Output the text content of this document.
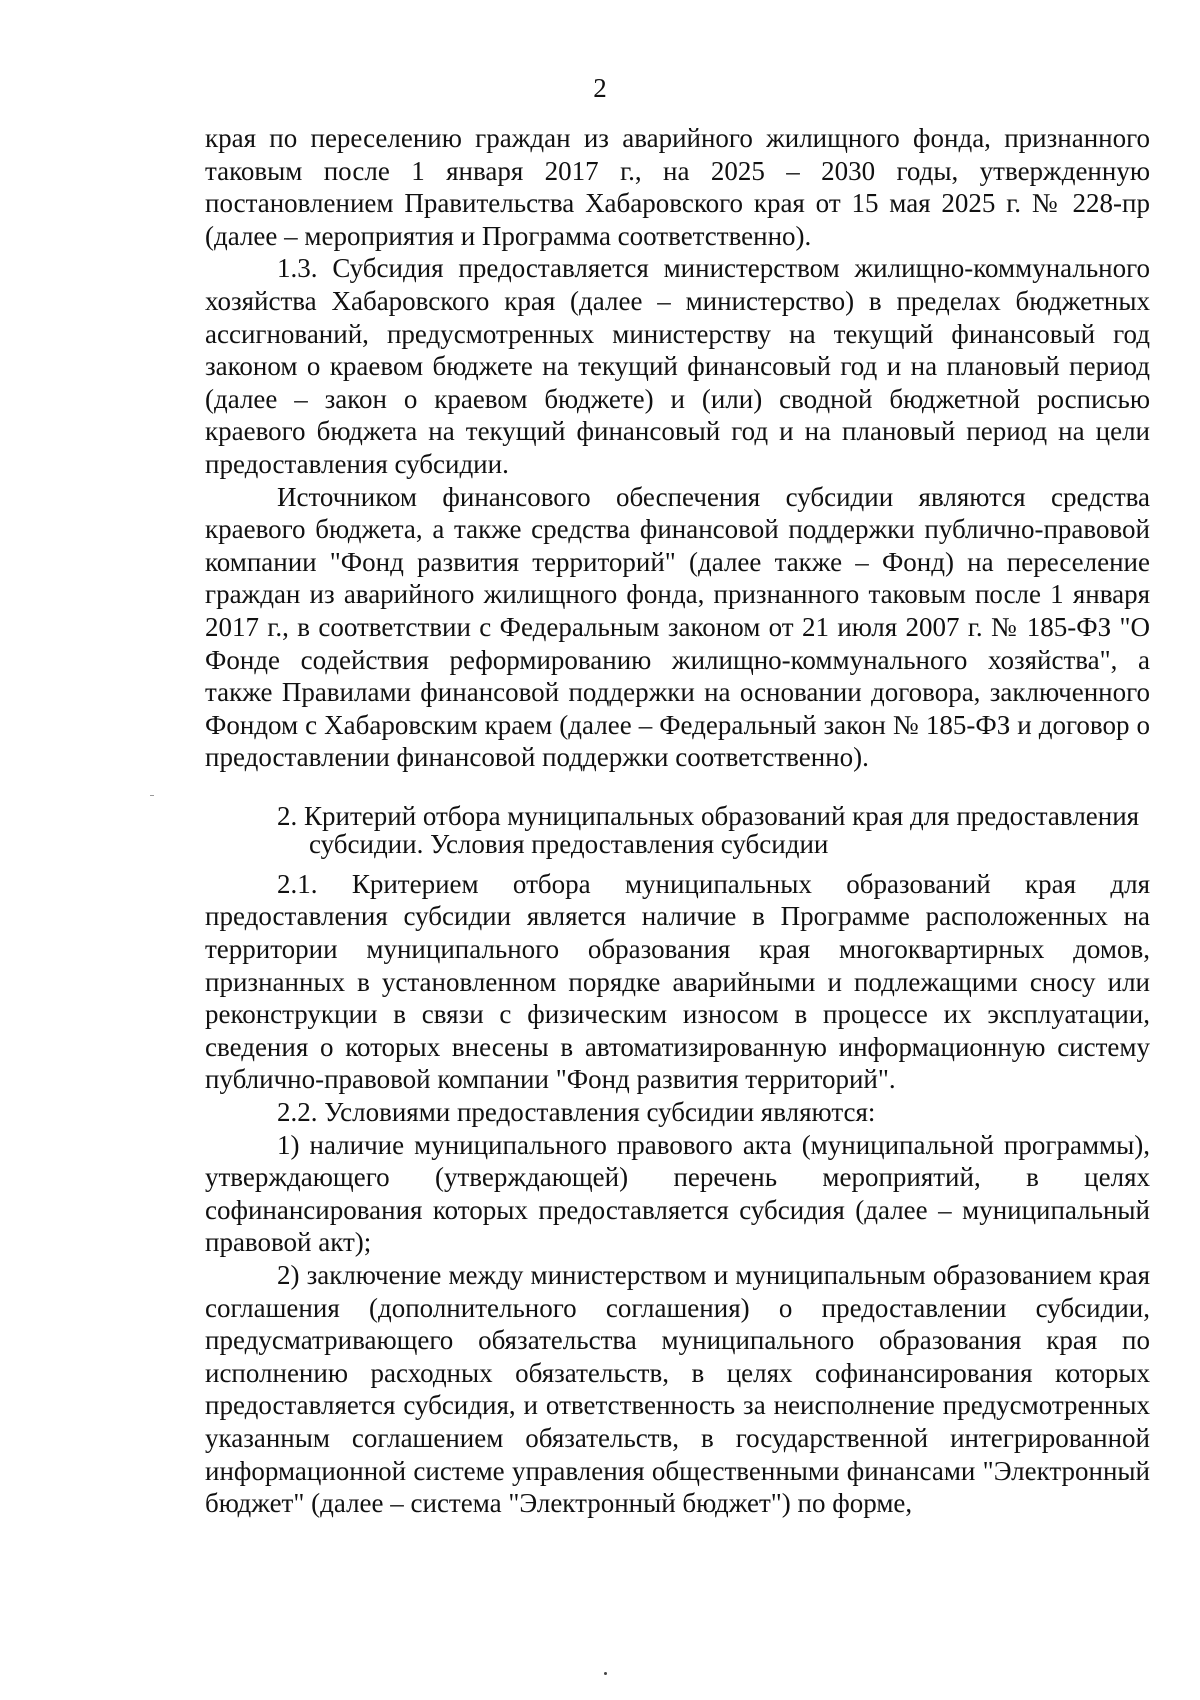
2

края по переселению граждан из аварийного жилищного фонда, признанного таковым после 1 января 2017 г., на 2025 – 2030 годы, утвержденную постановлением Правительства Хабаровского края от 15 мая 2025 г. № 228-пр (далее – мероприятия и Программа соответственно).

1.3. Субсидия предоставляется министерством жилищно-коммунального хозяйства Хабаровского края (далее – министерство) в пределах бюджетных ассигнований, предусмотренных министерству на текущий финансовый год законом о краевом бюджете на текущий финансовый год и на плановый период (далее – закон о краевом бюджете) и (или) сводной бюджетной росписью краевого бюджета на текущий финансовый год и на плановый период на цели предоставления субсидии.

Источником финансового обеспечения субсидии являются средства краевого бюджета, а также средства финансовой поддержки публично-правовой компании "Фонд развития территорий" (далее также – Фонд) на переселение граждан из аварийного жилищного фонда, признанного таковым после 1 января 2017 г., в соответствии с Федеральным законом от 21 июля 2007 г. № 185-ФЗ "О Фонде содействия реформированию жилищно-коммунального хозяйства", а также Правилами финансовой поддержки на основании договора, заключенного Фондом с Хабаровским краем (далее – Федеральный закон № 185-ФЗ и договор о предоставлении финансовой поддержки соответственно).

2. Критерий отбора муниципальных образований края для предоставления
субсидии. Условия предоставления субсидии

2.1. Критерием отбора муниципальных образований края для предоставления субсидии является наличие в Программе расположенных на территории муниципального образования края многоквартирных домов, признанных в установленном порядке аварийными и подлежащими сносу или реконструкции в связи с физическим износом в процессе их эксплуатации, сведения о которых внесены в автоматизированную информационную систему публично-правовой компании "Фонд развития территорий".

2.2. Условиями предоставления субсидии являются:

1) наличие муниципального правового акта (муниципальной программы), утверждающего (утверждающей) перечень мероприятий, в целях софинансирования которых предоставляется субсидия (далее – муниципальный правовой акт);

2) заключение между министерством и муниципальным образованием края соглашения (дополнительного соглашения) о предоставлении субсидии, предусматривающего обязательства муниципального образования края по исполнению расходных обязательств, в целях софинансирования которых предоставляется субсидия, и ответственность за неисполнение предусмотренных указанным соглашением обязательств, в государственной интегрированной информационной системе управления общественными финансами "Электронный бюджет" (далее – система "Электронный бюджет") по форме,
